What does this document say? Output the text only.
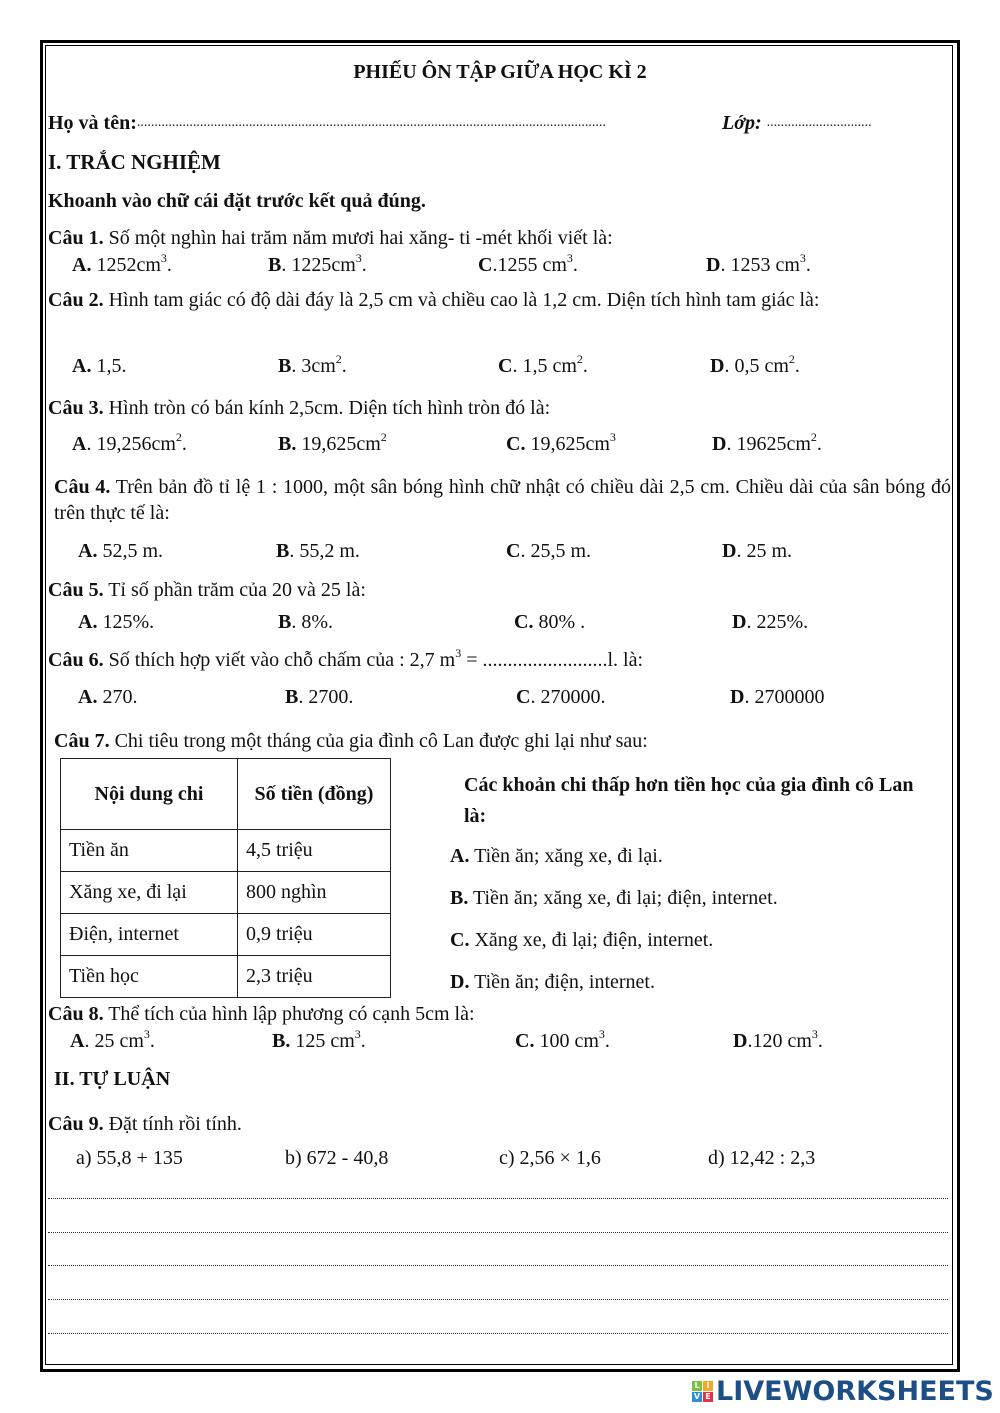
PHIẾU ÔN TẬP GIỮA HỌC KÌ 2
Họ và tên:......................................................................................................................................	Lớp: ..............................
I. TRẮC NGHIỆM
Khoanh vào chữ cái đặt trước kết quả đúng.
Câu 1. Số một nghìn hai trăm năm mươi hai xăng- ti -mét khối viết là:
A. $1252cm^3$.	B. $1225cm^3$.	C.1255 $cm^3$.	D. 1253 $cm^3$.
Câu 2. Hình tam giác có độ dài đáy là 2,5 cm và chiều cao là 1,2 cm. Diện tích hình tam giác là:
A. 1,5.	B. $3cm^2$.	C. 1,5 $cm^2$.	D. 0,5 $cm^2$.
Câu 3. Hình tròn có bán kính 2,5cm. Diện tích hình tròn đó là:
A. $19,256cm^2$.	B. $19,625cm^2$	C. $19,625cm^3$	D. $19625cm^2$.
Câu 4. Trên bản đồ tỉ lệ 1 : 1000, một sân bóng hình chữ nhật có chiều dài 2,5 cm. Chiều dài của sân bóng đó trên thực tế là:
A. 52,5 m.	B. 55,2 m.	C. 25,5 m.	D. 25 m.
Câu 5. Tỉ số phần trăm của 20 và 25 là:
A. 125%.	B. 8%.	C. 80% .	D. 225%.
Câu 6. Số thích hợp viết vào chỗ chấm của : 2,7 $m^3 = .........................l$. là:
A. 270.	B. 2700.	C. 270000.	D. 2700000
Câu 7. Chi tiêu trong một tháng của gia đình cô Lan được ghi lại như sau:
A. Tiền ăn; xăng xe, đi lại.
B. Tiền ăn; xăng xe, đi lại; điện, internet.
C. Xăng xe, đi lại; điện, internet.
D. Tiền ăn; điện, internet.
Câu 8. Thể tích của hình lập phương có cạnh 5cm là:
A. 25 $cm^3$.	B. 125 $cm^3$.	C. 100 $cm^3$.	D.120 $cm^3$.
Nội dung chi	Số tiền (đồng)
Tiền ăn	4,5 triệu
Xăng xe, đi lại	800 nghìn
Điện, internet	0,9 triệu
Tiền học	2,3 triệu
Các khoản chi thấp hơn tiền học của gia đình cô Lan là:
II. TỰ LUẬN
Câu 9. Đặt tính rồi tính.
a) 55,8 + 135	b) 672 - 40,8	c) 2,56 × 1,6	d) 12,42 : 2,3
L I
V E LIVEWORKSHEETS
